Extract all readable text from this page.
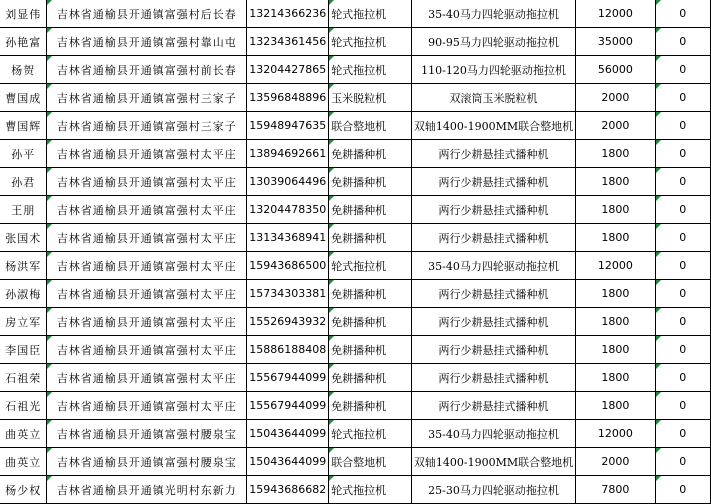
刘显伟	吉林省通榆县开通镇富强村后长春	13214366236	轮式拖拉机	35-40马力四轮驱动拖拉机	12000	0
孙艳富	吉林省通榆县开通镇富强村靠山屯	13234361456	轮式拖拉机	90-95马力四轮驱动拖拉机	35000	0
杨贺	吉林省通榆县开通镇富强村前长春	13204427865	轮式拖拉机	110-120马力四轮驱动拖拉机	56000	0
曹国成	吉林省通榆县开通镇富强村三家子	13596848896	玉米脱粒机	双滚筒玉米脱粒机	2000	0
曹国辉	吉林省通榆县开通镇富强村三家子	15948947635	联合整地机	双轴1400-1900MM联合整地机	2000	0
孙平	吉林省通榆县开通镇富强村太平庄	13894692661	免耕播种机	两行少耕悬挂式播种机	1800	0
孙君	吉林省通榆县开通镇富强村太平庄	13039064496	免耕播种机	两行少耕悬挂式播种机	1800	0
王朋	吉林省通榆县开通镇富强村太平庄	13204478350	免耕播种机	两行少耕悬挂式播种机	1800	0
张国术	吉林省通榆县开通镇富强村太平庄	13134368941	免耕播种机	两行少耕悬挂式播种机	1800	0
杨洪军	吉林省通榆县开通镇富强村太平庄	15943686500	轮式拖拉机	35-40马力四轮驱动拖拉机	12000	0
孙淑梅	吉林省通榆县开通镇富强村太平庄	15734303381	免耕播种机	两行少耕悬挂式播种机	1800	0
房立军	吉林省通榆县开通镇富强村太平庄	15526943932	免耕播种机	两行少耕悬挂式播种机	1800	0
李国臣	吉林省通榆县开通镇富强村太平庄	15886188408	免耕播种机	两行少耕悬挂式播种机	1800	0
石祖荣	吉林省通榆县开通镇富强村太平庄	15567944099	免耕播种机	两行少耕悬挂式播种机	1800	0
石祖光	吉林省通榆县开通镇富强村太平庄	15567944099	免耕播种机	两行少耕悬挂式播种机	1800	0
曲英立	吉林省通榆县开通镇富强村腰泉宝	15043644099	轮式拖拉机	35-40马力四轮驱动拖拉机	12000	0
曲英立	吉林省通榆县开通镇富强村腰泉宝	15043644099	联合整地机	双轴1400-1900MM联合整地机	2000	0
杨少权	吉林省通榆县开通镇光明村东新力	15943686682	轮式拖拉机	25-30马力四轮驱动拖拉机	7800	0
